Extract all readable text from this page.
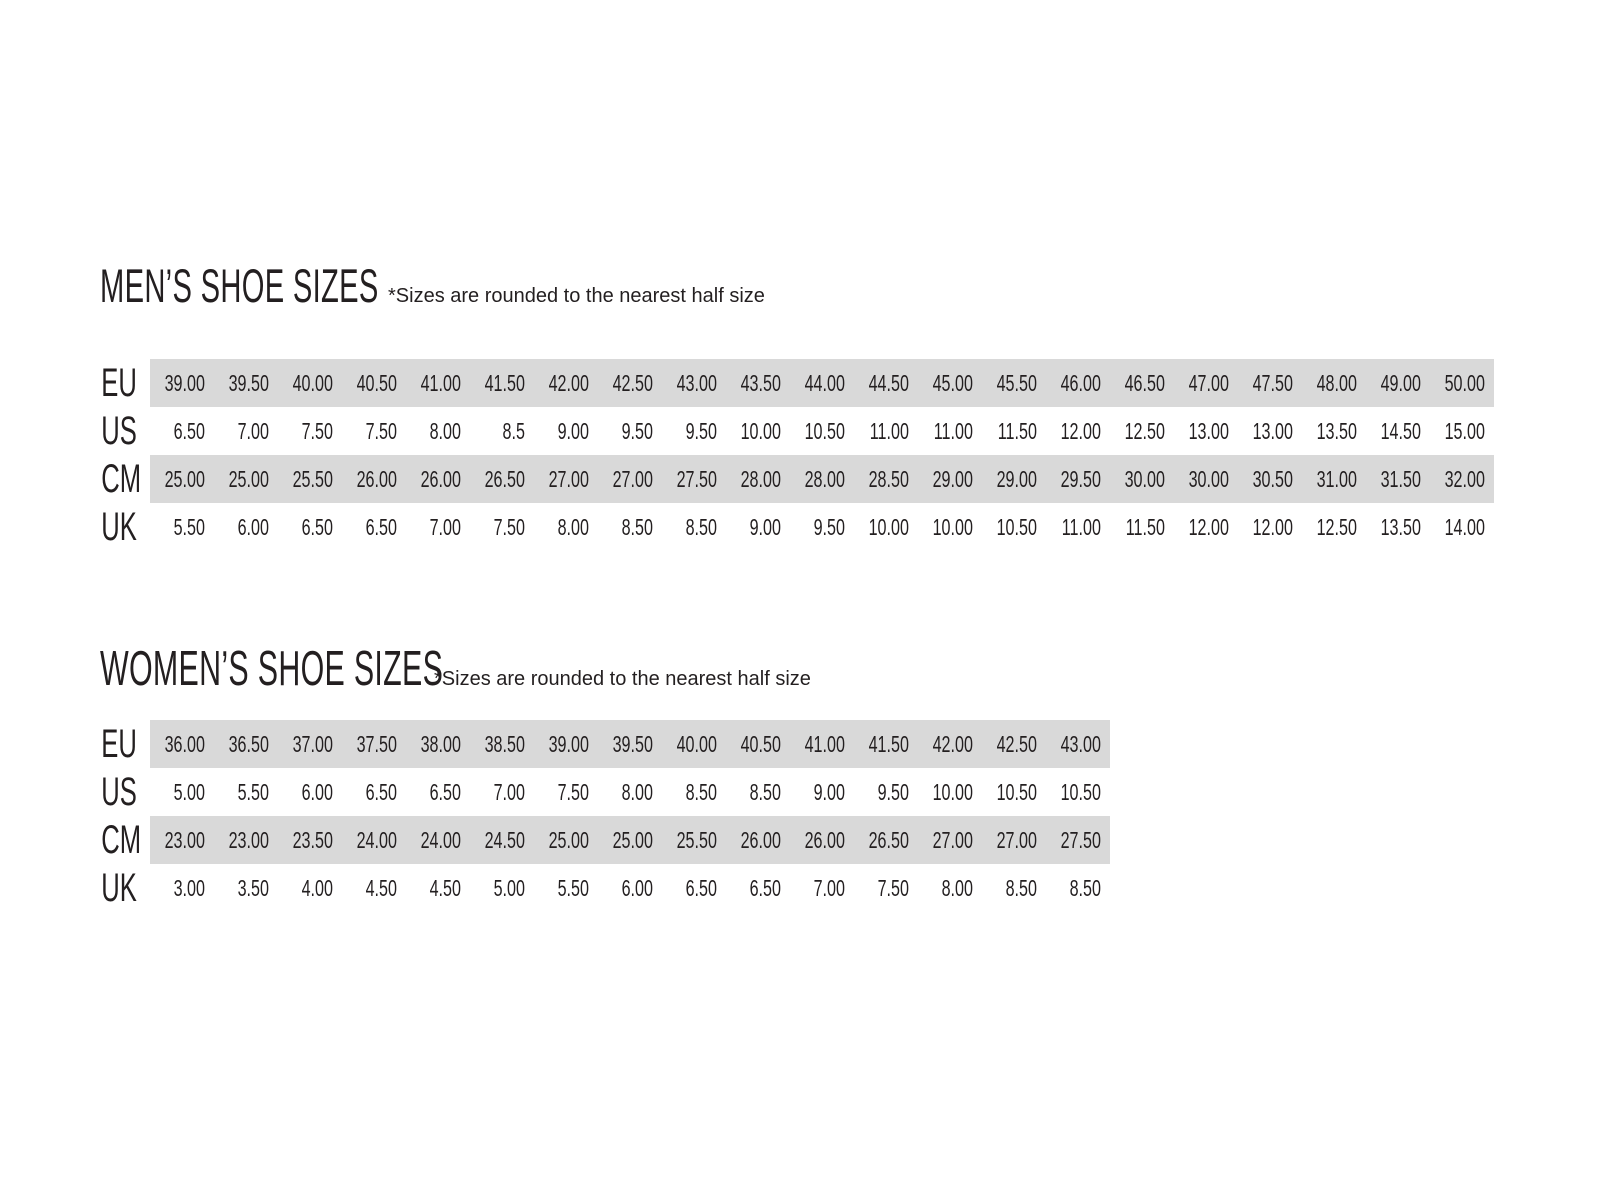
MEN’S SHOE SIZES *Sizes are rounded to the nearest half size
EU 39.00	39.50	40.00	40.50	41.00	41.50	42.00	42.50	43.00	43.50	44.00	44.50	45.00	45.50	46.00	46.50	47.00	47.50	48.00	49.00	50.00
US 6.50	7.00	7.50	7.50	8.00	8.5	9.00	9.50	9.50	10.00	10.50	11.00	11.00	11.50	12.00	12.50	13.00	13.00	13.50	14.50	15.00
CM 25.00	25.00	25.50	26.00	26.00	26.50	27.00	27.00	27.50	28.00	28.00	28.50	29.00	29.00	29.50	30.00	30.00	30.50	31.00	31.50	32.00
UK 5.50	6.00	6.50	6.50	7.00	7.50	8.00	8.50	8.50	9.00	9.50	10.00	10.00	10.50	11.00	11.50	12.00	12.00	12.50	13.50	14.00
WOMEN’S SHOE SIZES
*Sizes are rounded to the nearest half size
EU 36.00	36.50	37.00	37.50	38.00	38.50	39.00	39.50	40.00	40.50	41.00	41.50	42.00	42.50	43.00
US 5.00	5.50	6.00	6.50	6.50	7.00	7.50	8.00	8.50	8.50	9.00	9.50	10.00	10.50	10.50
CM 23.00	23.00	23.50	24.00	24.00	24.50	25.00	25.00	25.50	26.00	26.00	26.50	27.00	27.00	27.50
UK 3.00	3.50	4.00	4.50	4.50	5.00	5.50	6.00	6.50	6.50	7.00	7.50	8.00	8.50	8.50
